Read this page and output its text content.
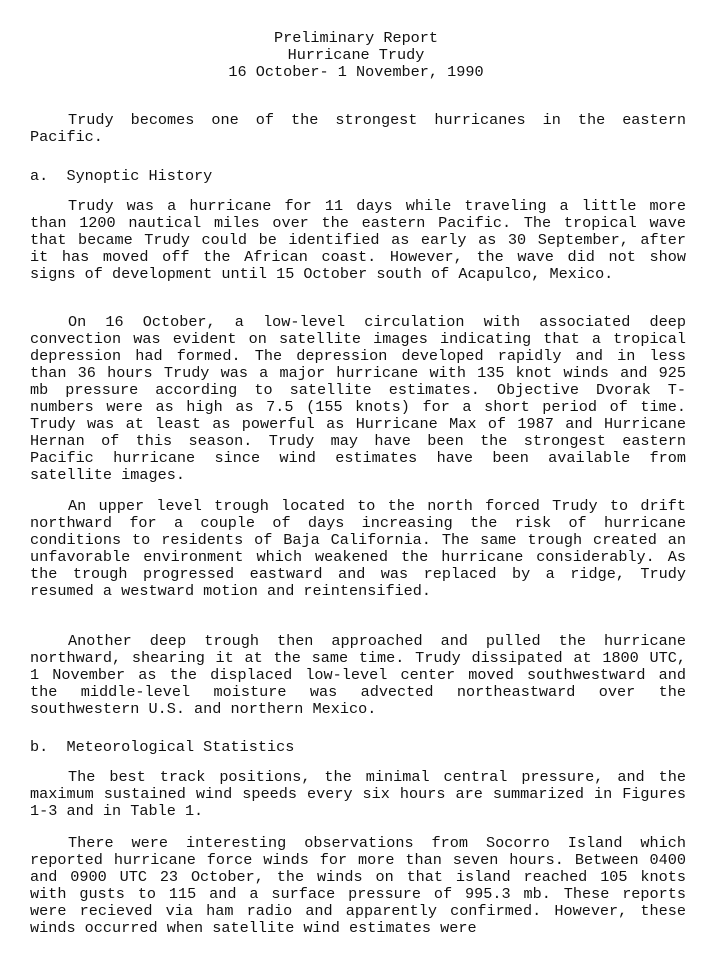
Preliminary Report
Hurricane Trudy
16 October- 1 November, 1990
Trudy becomes one of the strongest hurricanes in the eastern Pacific.
a.  Synoptic History
Trudy was a hurricane for 11 days while traveling a little more than 1200 nautical miles over the eastern Pacific. The tropical wave that became Trudy could be identified as early as 30 September, after it has moved off the African coast. However, the wave did not show signs of development until 15 October south of Acapulco, Mexico.
On 16 October, a low-level circulation with associated deep convection was evident on satellite images indicating that a tropical depression had formed. The depression developed rapidly and in less than 36 hours Trudy was a major hurricane with 135 knot winds and 925 mb pressure according to satellite estimates. Objective Dvorak T-numbers were as high as 7.5 (155 knots) for a short period of time. Trudy was at least as powerful as Hurricane Max of 1987 and Hurricane Hernan of this season. Trudy may have been the strongest eastern Pacific hurricane since wind estimates have been available from satellite images.
An upper level trough located to the north forced Trudy to drift northward for a couple of days increasing the risk of hurricane conditions to residents of Baja California. The same trough created an unfavorable environment which weakened the hurricane considerably. As the trough progressed eastward and was replaced by a ridge, Trudy resumed a westward motion and reintensified.
Another deep trough then approached and pulled the hurricane northward, shearing it at the same time. Trudy dissipated at 1800 UTC, 1 November as the displaced low-level center moved southwestward and the middle-level moisture was advected northeastward over the southwestern U.S. and northern Mexico.
b.  Meteorological Statistics
The best track positions, the minimal central pressure, and the maximum sustained wind speeds every six hours are summarized in Figures 1-3 and in Table 1.
There were interesting observations from Socorro Island which reported hurricane force winds for more than seven hours. Between 0400 and 0900 UTC 23 October, the winds on that island reached 105 knots with gusts to 115 and a surface pressure of 995.3 mb. These reports were recieved via ham radio and apparently confirmed. However, these winds occurred when satellite wind estimates were
